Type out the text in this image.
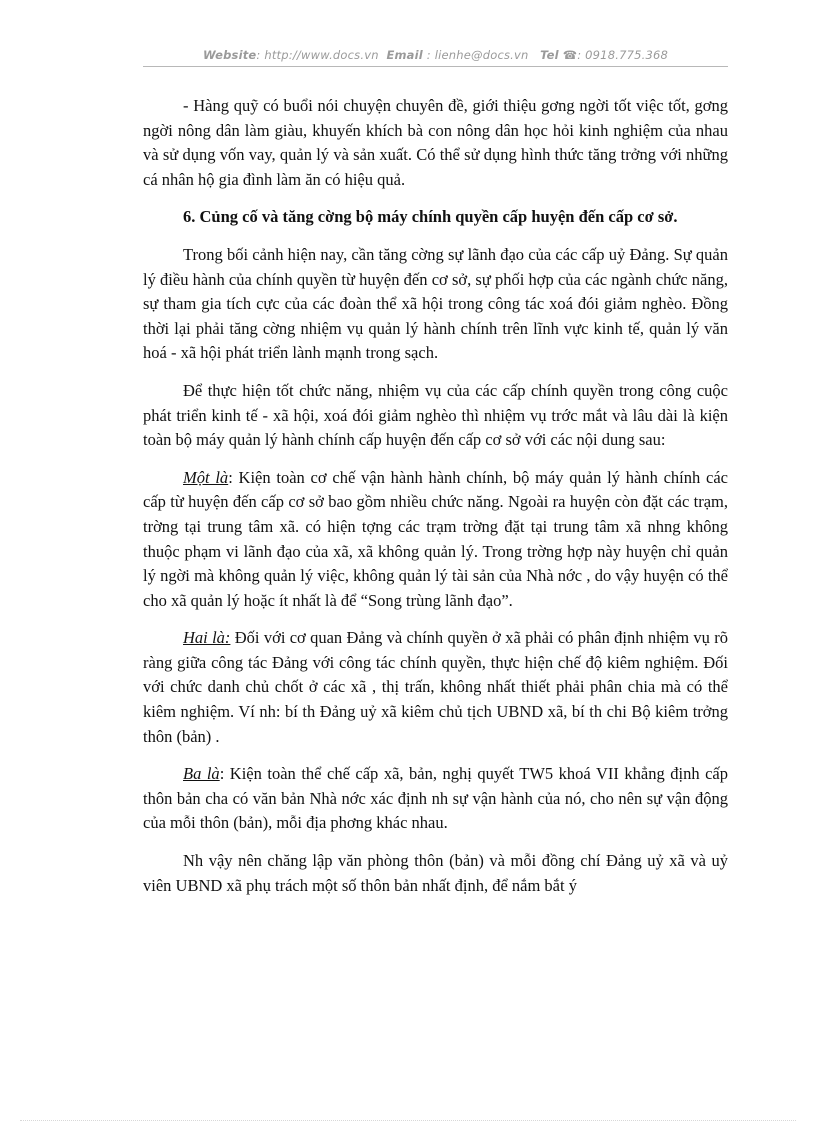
Website: http://www.docs.vn Email : lienhe@docs.vn Tel ☎: 0918.775.368

- Hàng quỹ có buổi nói chuyện chuyên đề, giới thiệu gơng ngời tốt việc tốt, gơng ngời nông dân làm giàu, khuyến khích bà con nông dân học hỏi kinh nghiệm của nhau và sử dụng vốn vay, quản lý và sản xuất. Có thể sử dụng hình thức tăng trởng với những cá nhân hộ gia đình làm ăn có hiệu quả.

6. Củng cố và tăng cờng bộ máy chính quyền cấp huyện đến cấp cơ sở.

Trong bối cảnh hiện nay, cần tăng cờng sự lãnh đạo của các cấp uỷ Đảng. Sự quản lý điều hành của chính quyền từ huyện đến cơ sở, sự phối hợp của các ngành chức năng, sự tham gia tích cực của các đoàn thể xã hội trong công tác xoá đói giảm nghèo. Đồng thời lại phải tăng cờng nhiệm vụ quản lý hành chính trên lĩnh vực kinh tế, quản lý văn hoá - xã hội phát triển lành mạnh trong sạch.

Để thực hiện tốt chức năng, nhiệm vụ của các cấp chính quyền trong công cuộc phát triển kinh tế - xã hội, xoá đói giảm nghèo thì nhiệm vụ trớc mắt và lâu dài là kiện toàn bộ máy quản lý hành chính cấp huyện đến cấp cơ sở với các nội dung sau:

Một là: Kiện toàn cơ chế vận hành hành chính, bộ máy quản lý hành chính các cấp từ huyện đến cấp cơ sở bao gồm nhiều chức năng. Ngoài ra huyện còn đặt các trạm, trờng tại trung tâm xã. có hiện tợng các trạm trờng đặt tại trung tâm xã nhng không thuộc phạm vi lãnh đạo của xã, xã không quản lý. Trong trờng hợp này huyện chỉ quản lý ngời mà không quản lý việc, không quản lý tài sản của Nhà nớc , do vậy huyện có thể cho xã quản lý hoặc ít nhất là để “Song trùng lãnh đạo”.

Hai là: Đối với cơ quan Đảng và chính quyền ở xã phải có phân định nhiệm vụ rõ ràng giữa công tác Đảng với công tác chính quyền, thực hiện chế độ kiêm nghiệm. Đối với chức danh chủ chốt ở các xã , thị trấn, không nhất thiết phải phân chia mà có thể kiêm nghiệm. Ví nh: bí th Đảng uỷ xã kiêm chủ tịch UBND xã, bí th chi Bộ kiêm trởng thôn (bản) .

Ba là: Kiện toàn thể chế cấp xã, bản, nghị quyết TW5 khoá VII khẳng định cấp thôn bản cha có văn bản Nhà nớc xác định nh sự vận hành của nó, cho nên sự vận động của mỗi thôn (bản), mỗi địa phơng khác nhau.

Nh vậy nên chăng lập văn phòng thôn (bản) và mỗi đồng chí Đảng uỷ xã và uỷ viên UBND xã phụ trách một số thôn bản nhất định, để nắm bắt ý
